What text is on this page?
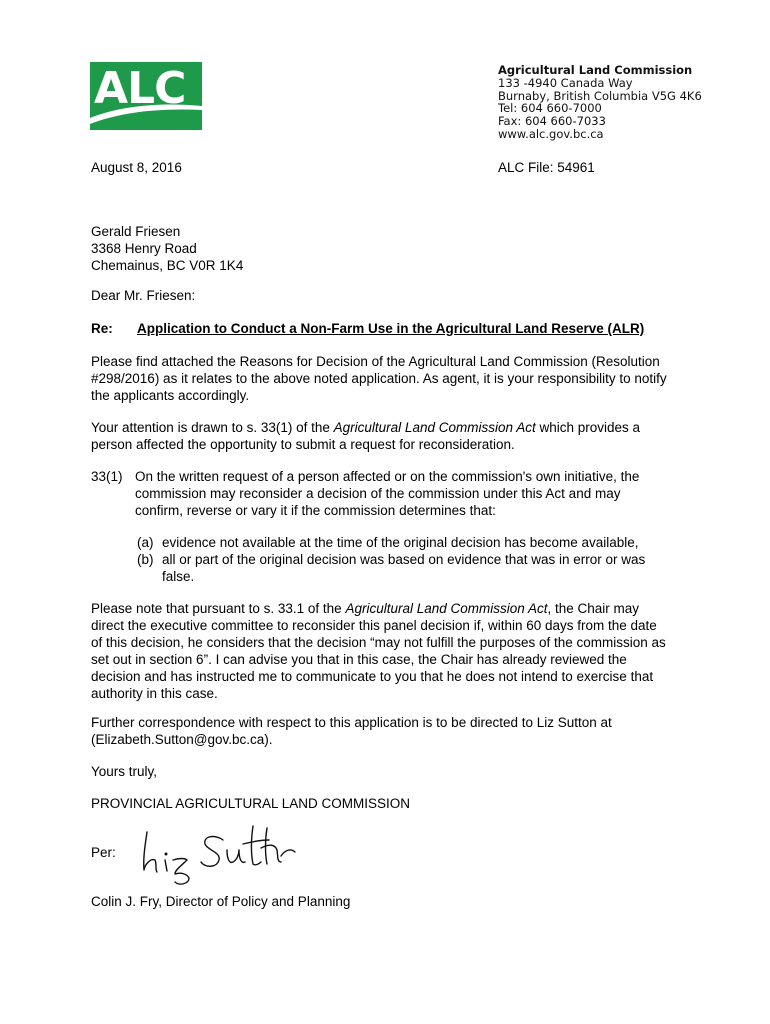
ALC	Agricultural Land Commission
133 -4940 Canada Way
Burnaby, British Columbia V5G 4K6
Tel: 604 660-7000
Fax: 604 660-7033
www.alc.gov.bc.ca
August 8, 2016	ALC File: 54961
Gerald Friesen
3368 Henry Road
Chemainus, BC V0R 1K4
Dear Mr. Friesen:
Re: Application to Conduct a Non-Farm Use in the Agricultural Land Reserve (ALR)
Please find attached the Reasons for Decision of the Agricultural Land Commission (Resolution #298/2016) as it relates to the above noted application. As agent, it is your responsibility to notify the applicants accordingly.
Your attention is drawn to s. 33(1) of the Agricultural Land Commission Act which provides a person affected the opportunity to submit a request for reconsideration.
33(1) On the written request of a person affected or on the commission's own initiative, the commission may reconsider a decision of the commission under this Act and may confirm, reverse or vary it if the commission determines that:
(a) evidence not available at the time of the original decision has become available,
(b) all or part of the original decision was based on evidence that was in error or was false.
Please note that pursuant to s. 33.1 of the Agricultural Land Commission Act, the Chair may direct the executive committee to reconsider this panel decision if, within 60 days from the date of this decision, he considers that the decision “may not fulfill the purposes of the commission as set out in section 6”. I can advise you that in this case, the Chair has already reviewed the decision and has instructed me to communicate to you that he does not intend to exercise that authority in this case.
Further correspondence with respect to this application is to be directed to Liz Sutton at (Elizabeth.Sutton@gov.bc.ca).
Yours truly,
PROVINCIAL AGRICULTURAL LAND COMMISSION
Per:
Colin J. Fry, Director of Policy and Planning
